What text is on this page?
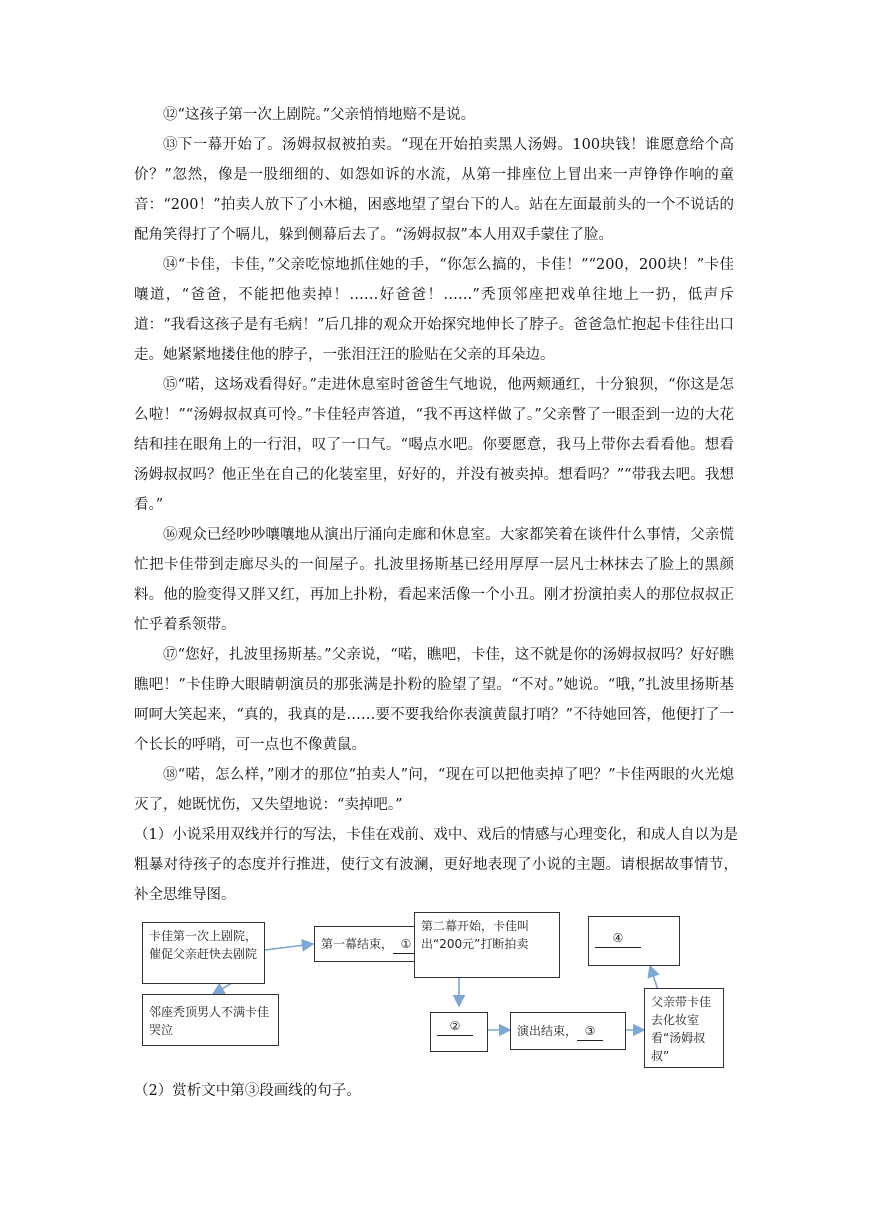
⑫“这孩子第一次上剧院。”父亲悄悄地赔不是说。

⑬下一幕开始了。汤姆叔叔被拍卖。“现在开始拍卖黑人汤姆。100块钱！谁愿意给个高价？”忽然，像是一股细细的、如怨如诉的水流，从第一排座位上冒出来一声铮铮作响的童音：“200！”拍卖人放下了小木槌，困惑地望了望台下的人。站在左面最前头的一个不说话的配角笑得打了个嗝儿，躲到侧幕后去了。“汤姆叔叔”本人用双手蒙住了脸。

⑭“卡佳，卡佳，”父亲吃惊地抓住她的手，“你怎么搞的，卡佳！”“200，200块！”卡佳嚷道，“爸爸，不能把他卖掉！……好爸爸！……”秃顶邻座把戏单往地上一扔，低声斥道：“我看这孩子是有毛病！”后几排的观众开始探究地伸长了脖子。爸爸急忙抱起卡佳往出口走。她紧紧地搂住他的脖子，一张泪汪汪的脸贴在父亲的耳朵边。

⑮“喏，这场戏看得好。”走进休息室时爸爸生气地说，他两颊通红，十分狼狈，“你这是怎么啦！”“汤姆叔叔真可怜。”卡佳轻声答道，“我不再这样做了。”父亲瞥了一眼歪到一边的大花结和挂在眼角上的一行泪，叹了一口气。“喝点水吧。你要愿意，我马上带你去看看他。想看汤姆叔叔吗？他正坐在自己的化装室里，好好的，并没有被卖掉。想看吗？”“带我去吧。我想看。”

⑯观众已经吵吵嚷嚷地从演出厅涌向走廊和休息室。大家都笑着在谈件什么事情，父亲慌忙把卡佳带到走廊尽头的一间屋子。扎波里扬斯基已经用厚厚一层凡士林抹去了脸上的黑颜料。他的脸变得又胖又红，再加上扑粉，看起来活像一个小丑。刚才扮演拍卖人的那位叔叔正忙乎着系领带。

⑰“您好，扎波里扬斯基。”父亲说，“喏，瞧吧，卡佳，这不就是你的汤姆叔叔吗？好好瞧瞧吧！”卡佳睁大眼睛朝演员的那张满是扑粉的脸望了望。“不对。”她说。“哦，”扎波里扬斯基呵呵大笑起来，“真的，我真的是……要不要我给你表演黄鼠打哨？”不待她回答，他便打了一个长长的呼哨，可一点也不像黄鼠。

⑱“喏，怎么样，”刚才的那位“拍卖人”问，“现在可以把他卖掉了吧？”卡佳两眼的火光熄灭了，她既忧伤，又失望地说：“卖掉吧。”

（1）小说采用双线并行的写法，卡佳在戏前、戏中、戏后的情感与心理变化，和成人自以为是粗暴对待孩子的态度并行推进，使行文有波澜，更好地表现了小说的主题。请根据故事情节，补全思维导图。

卡佳第一次上剧院，催促父亲赶快去剧院
第一幕结束， ①
第二幕开始，卡佳叫出“200元”打断拍卖	④
邻座秃顶男人不满卡佳哭泣	②	演出结束， ③
父亲带卡佳去化妆室看“汤姆叔叔”

（2）赏析文中第③段画线的句子。
